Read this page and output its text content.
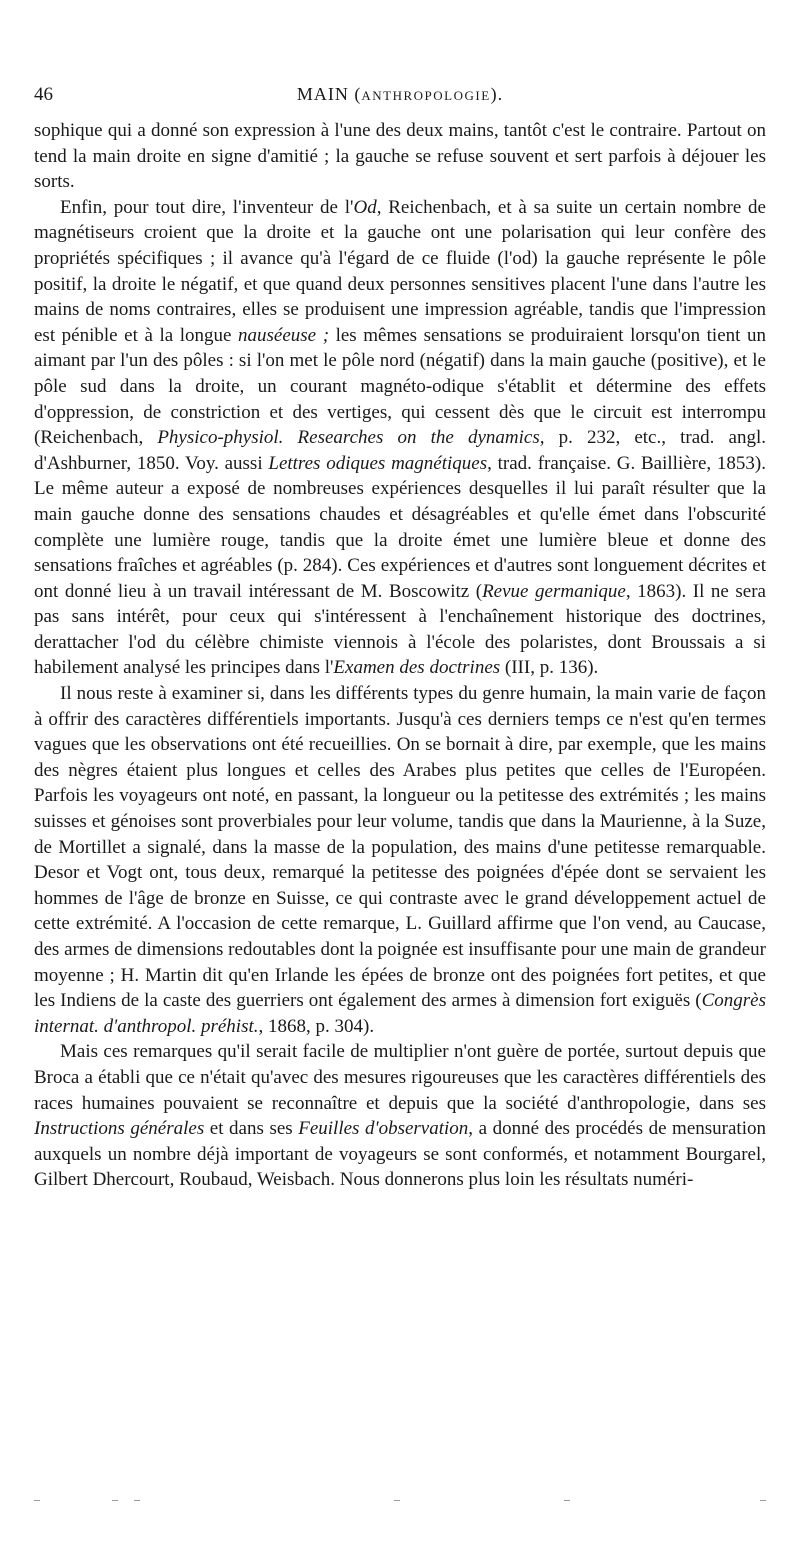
46	MAIN (ANTHROPOLOGIE).

sophique qui a donné son expression à l'une des deux mains, tantôt c'est le contraire. Partout on tend la main droite en signe d'amitié ; la gauche se refuse souvent et sert parfois à déjouer les sorts.

Enfin, pour tout dire, l'inventeur de l'Od, Reichenbach, et à sa suite un certain nombre de magnétiseurs croient que la droite et la gauche ont une polarisation qui leur confère des propriétés spécifiques ; il avance qu'à l'égard de ce fluide (l'od) la gauche représente le pôle positif, la droite le négatif, et que quand deux personnes sensitives placent l'une dans l'autre les mains de noms contraires, elles se produisent une impression agréable, tandis que l'impression est pénible et à la longue nauséeuse ; les mêmes sensations se produiraient lorsqu'on tient un aimant par l'un des pôles : si l'on met le pôle nord (négatif) dans la main gauche (positive), et le pôle sud dans la droite, un courant magnéto-odique s'établit et détermine des effets d'oppression, de constriction et des vertiges, qui cessent dès que le circuit est interrompu (Reichenbach, Physico-physiol. Researches on the dynamics, p. 232, etc., trad. angl. d'Ashburner, 1850. Voy. aussi Lettres odiques magnétiques, trad. française. G. Baillière, 1853). Le même auteur a exposé de nombreuses expériences desquelles il lui paraît résulter que la main gauche donne des sensations chaudes et désagréables et qu'elle émet dans l'obscurité complète une lumière rouge, tandis que la droite émet une lumière bleue et donne des sensations fraîches et agréables (p. 284). Ces expériences et d'autres sont longuement décrites et ont donné lieu à un travail intéressant de M. Boscowitz (Revue germanique, 1863). Il ne sera pas sans intérêt, pour ceux qui s'intéressent à l'enchaînement historique des doctrines, derattacher l'od du célèbre chimiste viennois à l'école des polaristes, dont Broussais a si habilement analysé les principes dans l'Examen des doctrines (III, p. 136).

Il nous reste à examiner si, dans les différents types du genre humain, la main varie de façon à offrir des caractères différentiels importants. Jusqu'à ces derniers temps ce n'est qu'en termes vagues que les observations ont été recueillies. On se bornait à dire, par exemple, que les mains des nègres étaient plus longues et celles des Arabes plus petites que celles de l'Européen. Parfois les voyageurs ont noté, en passant, la longueur ou la petitesse des extrémités ; les mains suisses et génoises sont proverbiales pour leur volume, tandis que dans la Maurienne, à la Suze, de Mortillet a signalé, dans la masse de la population, des mains d'une petitesse remarquable. Desor et Vogt ont, tous deux, remarqué la petitesse des poignées d'épée dont se servaient les hommes de l'âge de bronze en Suisse, ce qui contraste avec le grand développement actuel de cette extrémité. A l'occasion de cette remarque, L. Guillard affirme que l'on vend, au Caucase, des armes de dimensions redoutables dont la poignée est insuffisante pour une main de grandeur moyenne ; H. Martin dit qu'en Irlande les épées de bronze ont des poignées fort petites, et que les Indiens de la caste des guerriers ont également des armes à dimension fort exiguës (Congrès internat. d'anthropol. préhist., 1868, p. 304).

Mais ces remarques qu'il serait facile de multiplier n'ont guère de portée, surtout depuis que Broca a établi que ce n'était qu'avec des mesures rigoureuses que les caractères différentiels des races humaines pouvaient se reconnaître et depuis que la société d'anthropologie, dans ses Instructions générales et dans ses Feuilles d'observation, a donné des procédés de mensuration auxquels un nombre déjà important de voyageurs se sont conformés, et notamment Bourgarel, Gilbert Dhercourt, Roubaud, Weisbach. Nous donnerons plus loin les résultats numéri-
